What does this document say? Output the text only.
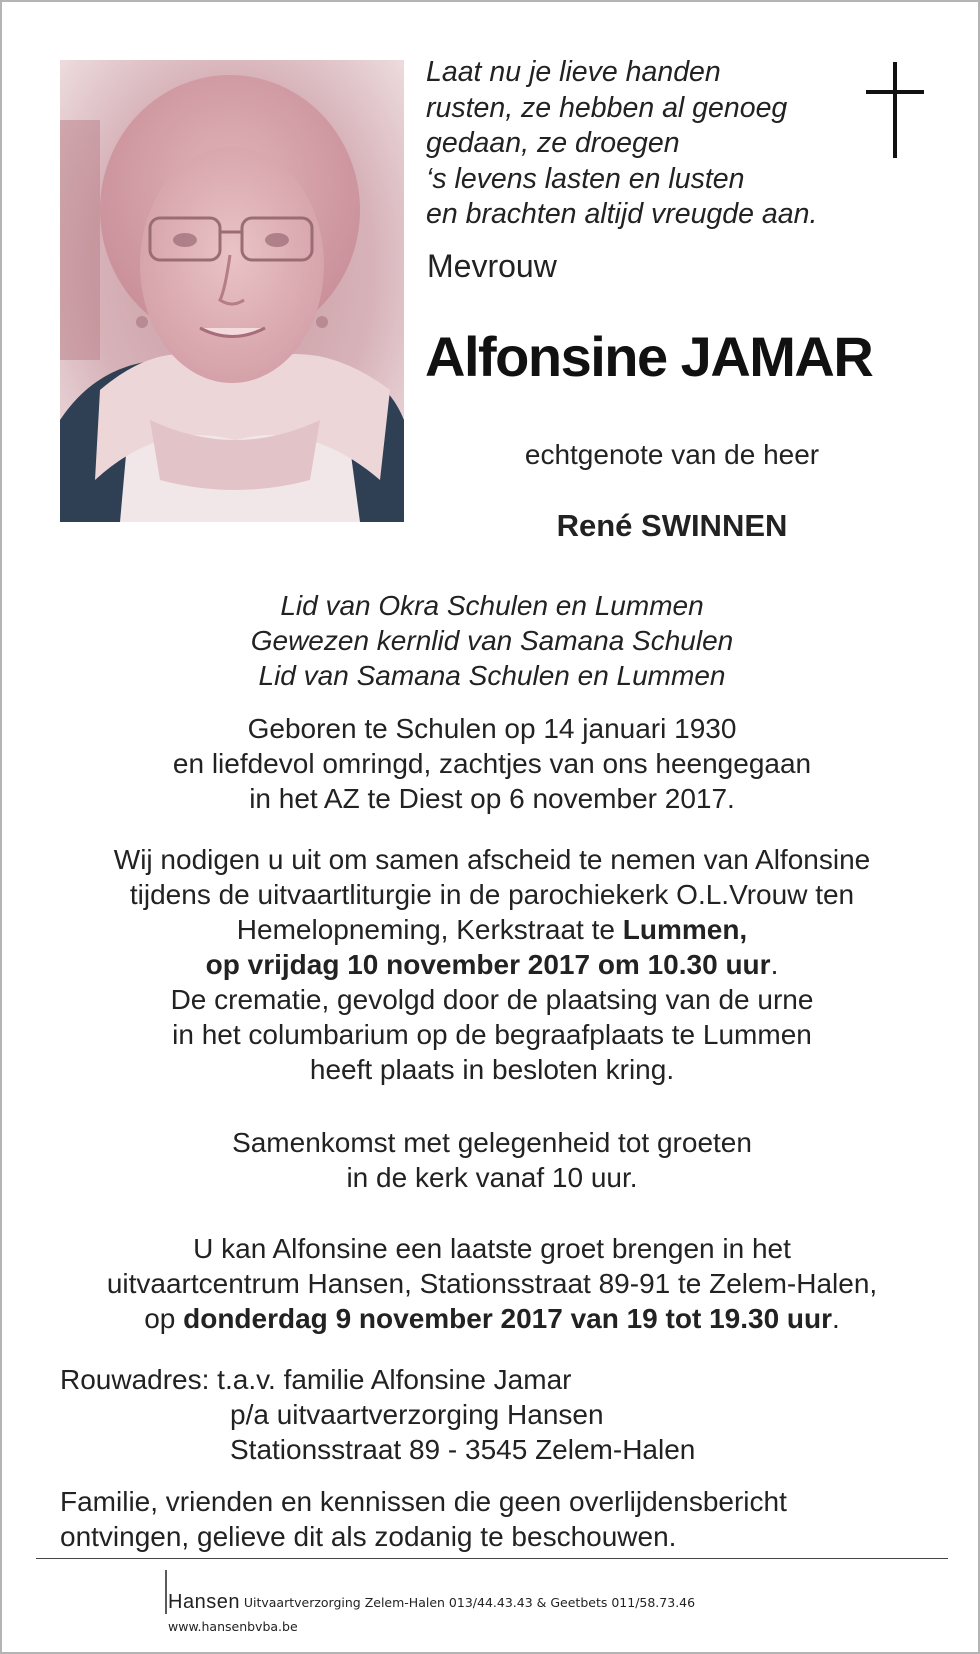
Laat nu je lieve handen
rusten, ze hebben al genoeg
gedaan, ze droegen
‘s levens lasten en lusten
en brachten altijd vreugde aan.
Mevrouw
Alfonsine JAMAR
echtgenote van de heer
René SWINNEN
Lid van Okra Schulen en Lummen
Gewezen kernlid van Samana Schulen
Lid van Samana Schulen en Lummen
Geboren te Schulen op 14 januari 1930
en liefdevol omringd, zachtjes van ons heengegaan
in het AZ te Diest op 6 november 2017.
Wij nodigen u uit om samen afscheid te nemen van Alfonsine
tijdens de uitvaartliturgie in de parochiekerk O.L.Vrouw ten
Hemelopneming, Kerkstraat te Lummen,
op vrijdag 10 november 2017 om 10.30 uur.
De crematie, gevolgd door de plaatsing van de urne
in het columbarium op de begraafplaats te Lummen
heeft plaats in besloten kring.
Samenkomst met gelegenheid tot groeten
in de kerk vanaf 10 uur.
U kan Alfonsine een laatste groet brengen in het
uitvaartcentrum Hansen, Stationsstraat 89-91 te Zelem-Halen,
op donderdag 9 november 2017 van 19 tot 19.30 uur.
Rouwadres: t.a.v. familie Alfonsine Jamar
p/a uitvaartverzorging Hansen
Stationsstraat 89 - 3545 Zelem-Halen
Familie, vrienden en kennissen die geen overlijdensbericht
ontvingen, gelieve dit als zodanig te beschouwen.
Hansen Uitvaartverzorging Zelem-Halen 013/44.43.43 & Geetbets 011/58.73.46
www.hansenbvba.be
